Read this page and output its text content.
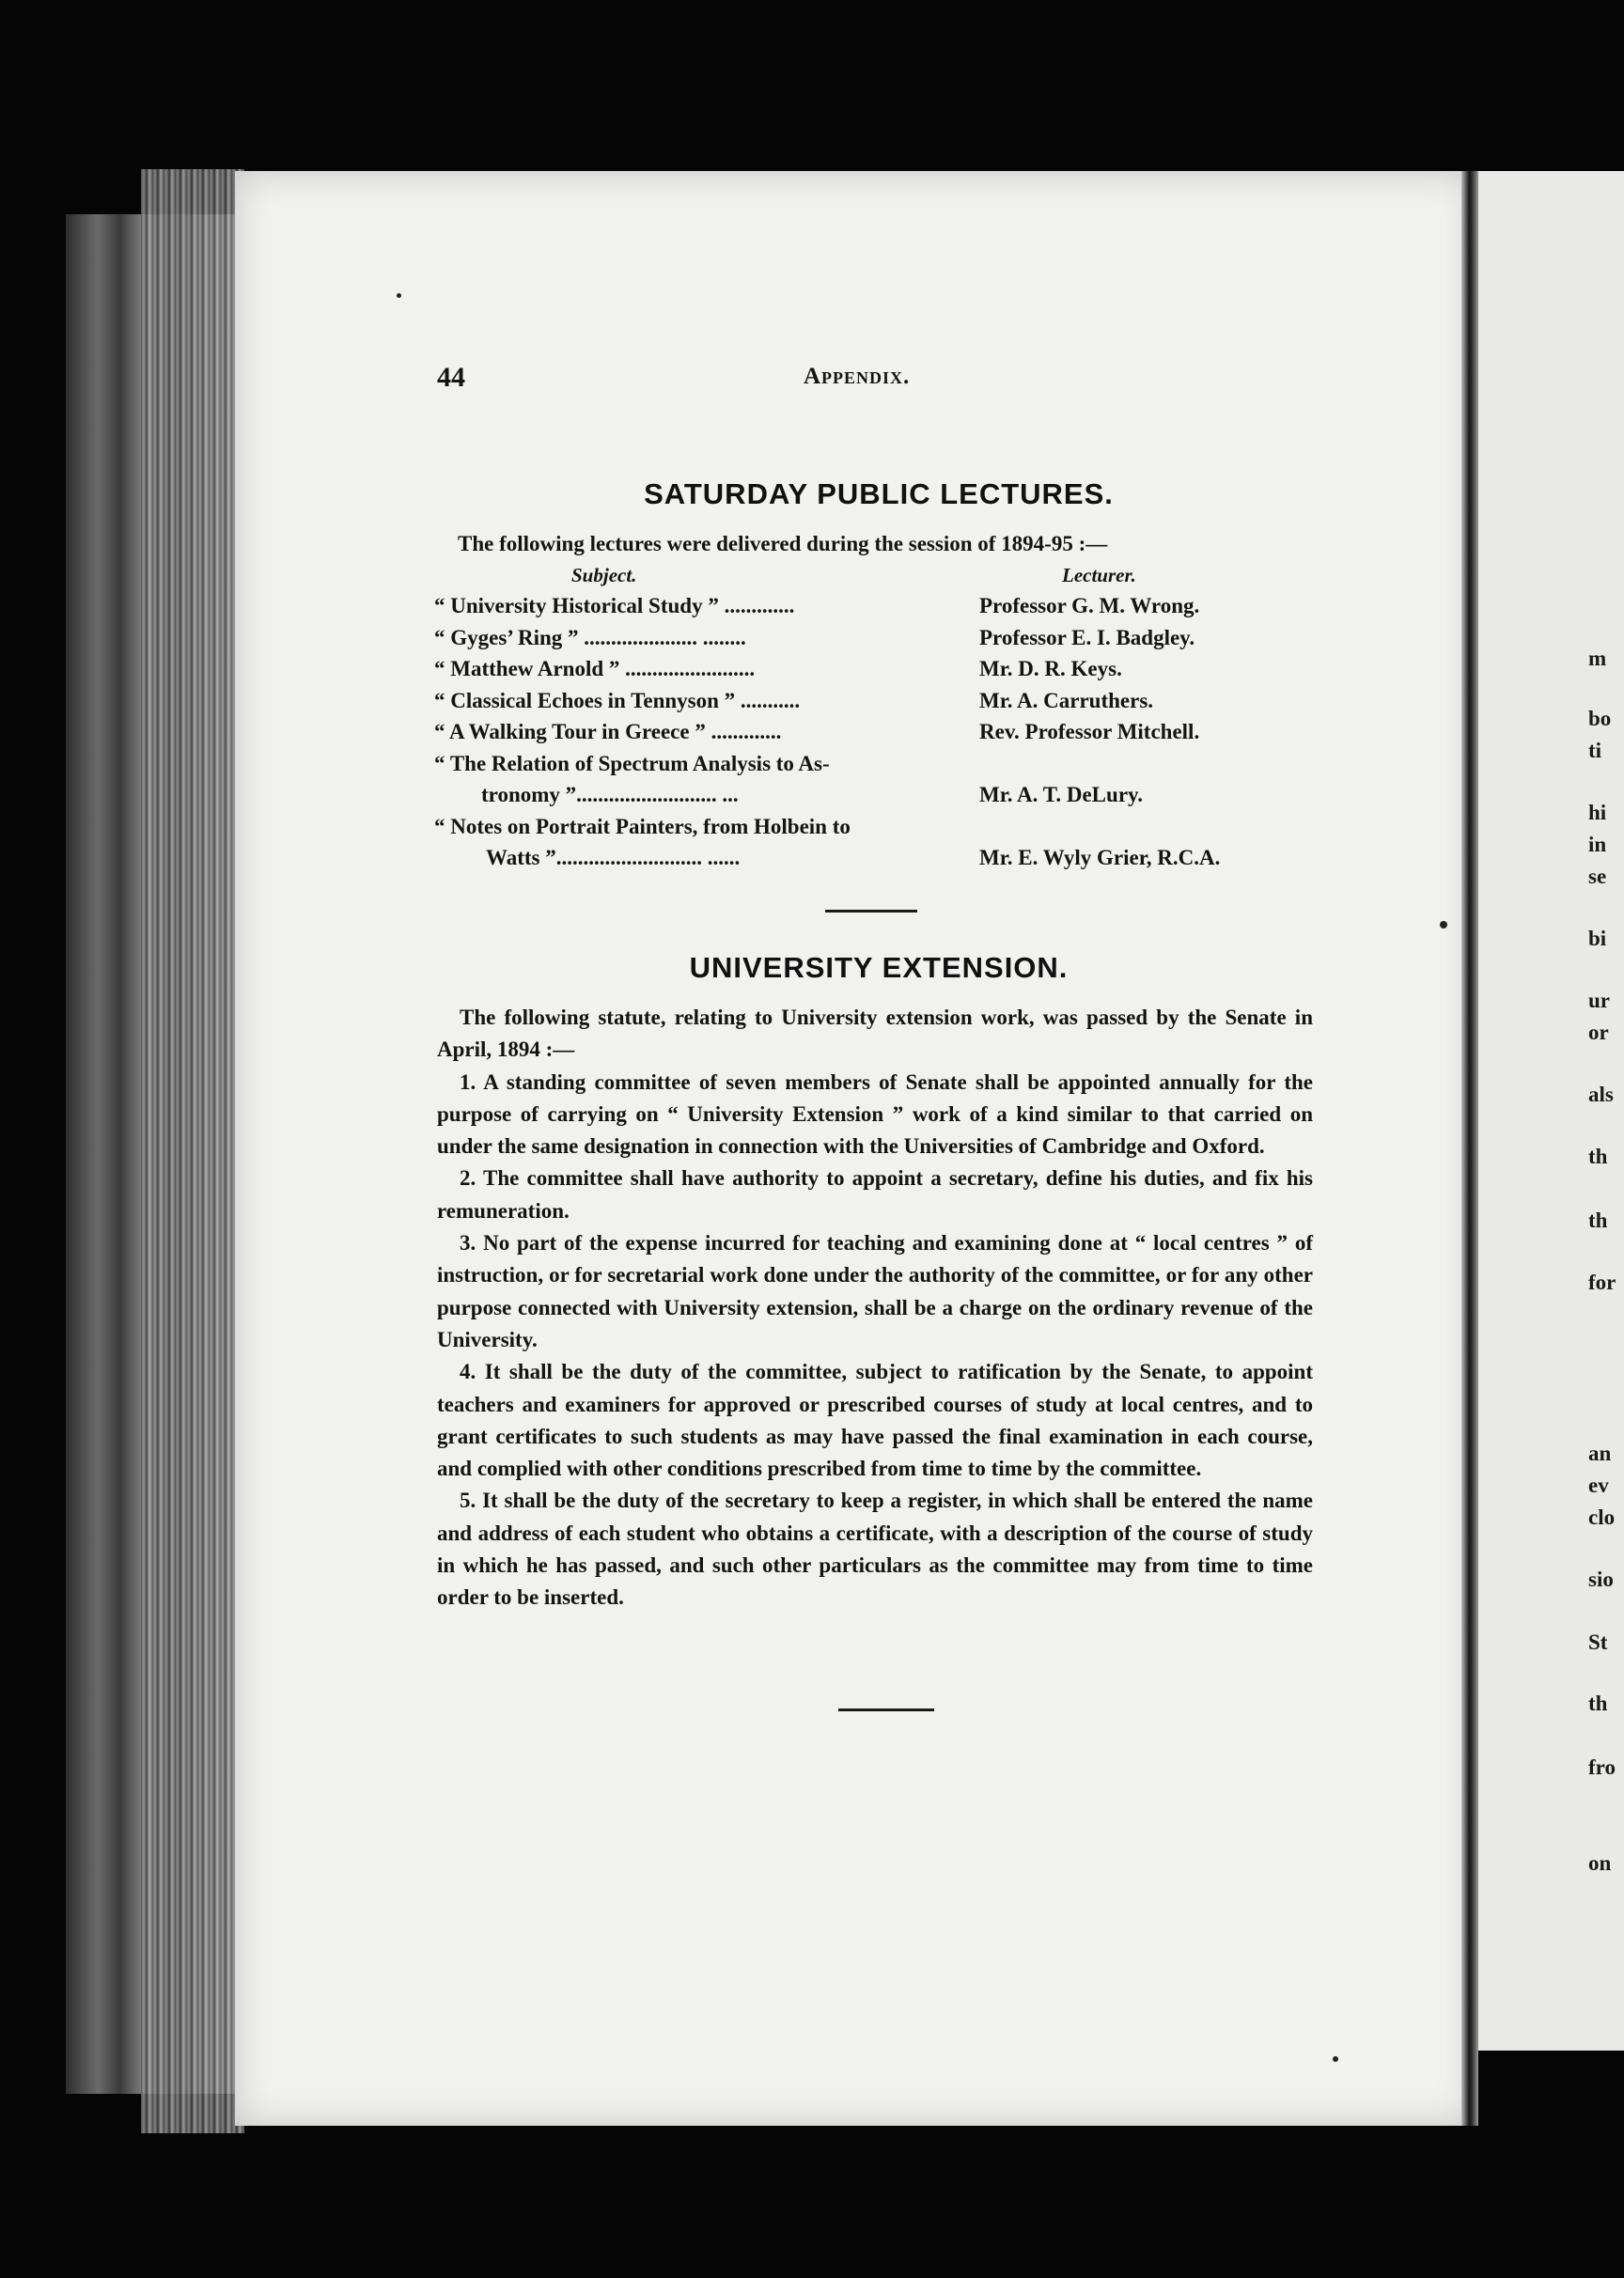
m
bo
ti
hi
in
se
bi
ur
or
als
th
th
for
an
ev
clo
sio
St
th
fro
on
44	Appendix.
SATURDAY PUBLIC LECTURES.
The following lectures were delivered during the session of 1894-95 :—
Subject.	Lecturer.
“ University Historical Study ” .............	Professor G. M. Wrong.
“ Gyges’ Ring ” ..................... ........	Professor E. I. Badgley.
“ Matthew Arnold ” ........................	Mr. D. R. Keys.
“ Classical Echoes in Tennyson ” ...........	Mr. A. Carruthers.
“ A Walking Tour in Greece ” .............	Rev. Professor Mitchell.
“ The Relation of Spectrum Analysis to As-
tronomy ”.......................... ...	Mr. A. T. DeLury.
“ Notes on Portrait Painters, from Holbein to
Watts ”........................... ......	Mr. E. Wyly Grier, R.C.A.
UNIVERSITY EXTENSION.

The following statute, relating to University extension work, was passed by the Senate in April, 1894 :—

1. A standing committee of seven members of Senate shall be appointed annually for the purpose of carrying on “ University Extension ” work of a kind similar to that carried on under the same designation in connection with the Universities of Cambridge and Oxford.

2. The committee shall have authority to appoint a secretary, define his duties, and fix his remuneration.

3. No part of the expense incurred for teaching and examining done at “ local centres ” of instruction, or for secretarial work done under the authority of the committee, or for any other purpose connected with University extension, shall be a charge on the ordinary revenue of the University.

4. It shall be the duty of the committee, subject to ratification by the Senate, to appoint teachers and examiners for approved or prescribed courses of study at local centres, and to grant certificates to such students as may have passed the final examination in each course, and complied with other conditions prescribed from time to time by the committee.

5. It shall be the duty of the secretary to keep a register, in which shall be entered the name and address of each student who obtains a certificate, with a description of the course of study in which he has passed, and such other particulars as the committee may from time to time order to be inserted.
